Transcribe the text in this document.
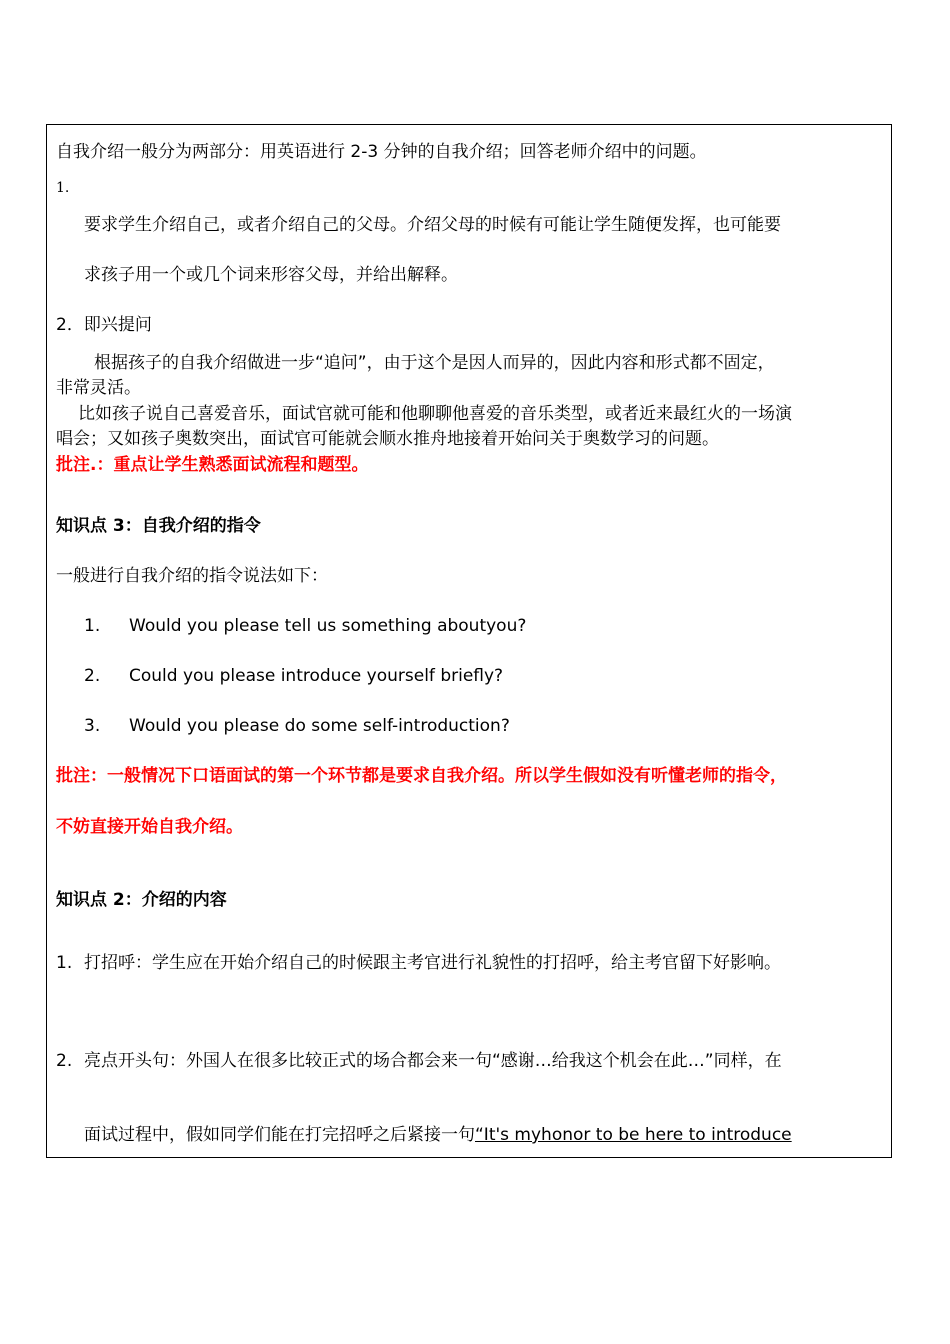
自我介绍一般分为两部分：用英语进行 2-3 分钟的自我介绍；回答老师介绍中的问题。
1.
要求学生介绍自己，或者介绍自己的父母。介绍父母的时候有可能让学生随便发挥，也可能要
求孩子用一个或几个词来形容父母，并给出解释。
2．即兴提问
根据孩子的自我介绍做进一步“追问”，由于这个是因人而异的，因此内容和形式都不固定，
非常灵活。
比如孩子说自己喜爱音乐，面试官就可能和他聊聊他喜爱的音乐类型，或者近来最红火的一场演
唱会；又如孩子奥数突出，面试官可能就会顺水推舟地接着开始问关于奥数学习的问题。
批注.：重点让学生熟悉面试流程和题型。
知识点 3：自我介绍的指令
一般进行自我介绍的指令说法如下：
1. Would you please tell us something aboutyou?
2. Could you please introduce yourself briefly?
3. Would you please do some self-introduction?
批注：一般情况下口语面试的第一个环节都是要求自我介绍。所以学生假如没有听懂老师的指令，
不妨直接开始自我介绍。
知识点 2：介绍的内容
1. 打招呼：学生应在开始介绍自己的时候跟主考官进行礼貌性的打招呼，给主考官留下好影响。
2. 亮点开头句：外国人在很多比较正式的场合都会来一句“感谢…给我这个机会在此…”同样，在
面试过程中，假如同学们能在打完招呼之后紧接一句“It's myhonor to be here to introduce
